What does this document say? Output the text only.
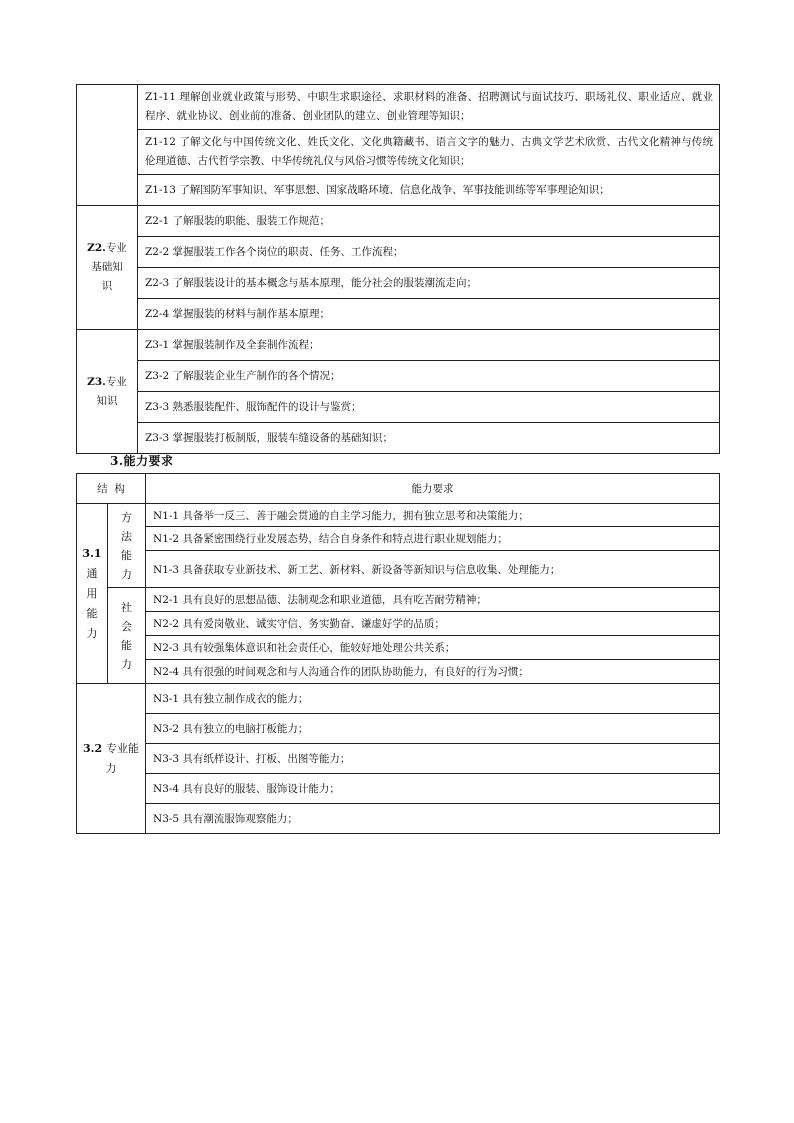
	Z1-11 理解创业就业政策与形势、中职生求职途径、求职材料的准备、招聘测试与面试技巧、职场礼仪、职业适应、就业程序、就业协议、创业前的准备、创业团队的建立、创业管理等知识；
	Z1-12 了解文化与中国传统文化、姓氏文化、文化典籍藏书、语言文字的魅力、古典文学艺术欣赏、古代文化精神与传统伦理道德、古代哲学宗教、中华传统礼仪与风俗习惯等传统文化知识；
	Z1-13 了解国防军事知识、军事思想、国家战略环境、信息化战争、军事技能训练等军事理论知识；
Z2.专业
基础知
识	Z2-1 了解服装的职能、服装工作规范；
	Z2-2 掌握服装工作各个岗位的职责、任务、工作流程；
	Z2-3 了解服装设计的基本概念与基本原理，能分社会的服装潮流走向；
	Z2-4 掌握服装的材料与制作基本原理；
Z3.专业
知识	Z3-1 掌握服装制作及全套制作流程；
	Z3-2 了解服装企业生产制作的各个情况；
	Z3-3 熟悉服装配件、服饰配件的设计与鉴赏；
	Z3-3 掌握服装打板制版，服装车缝设备的基础知识；
3.能力要求
结  构		能力要求
3.1
通
用
能
力	方
法
能
力	N1-1 具备举一反三、善于融会贯通的自主学习能力，拥有独立思考和决策能力；
		N1-2 具备紧密围绕行业发展态势，结合自身条件和特点进行职业规划能力；
		N1-3 具备获取专业新技术、新工艺、新材料、新设备等新知识与信息收集、处理能力；
	社
会
能
力	N2-1 具有良好的思想品德、法制观念和职业道德，具有吃苦耐劳精神；
		N2-2 具有爱岗敬业、诚实守信、务实勤奋、谦虚好学的品质；
		N2-3 具有较强集体意识和社会责任心，能较好地处理公共关系；
		N2-4 具有很强的时间观念和与人沟通合作的团队协助能力，有良好的行为习惯；
3.2 专业能
力		N3-1 具有独立制作成衣的能力；
		N3-2 具有独立的电脑打板能力；
		N3-3 具有纸样设计、打板、出图等能力；
		N3-4 具有良好的服装、服饰设计能力；
		N3-5 具有潮流服饰观察能力；
